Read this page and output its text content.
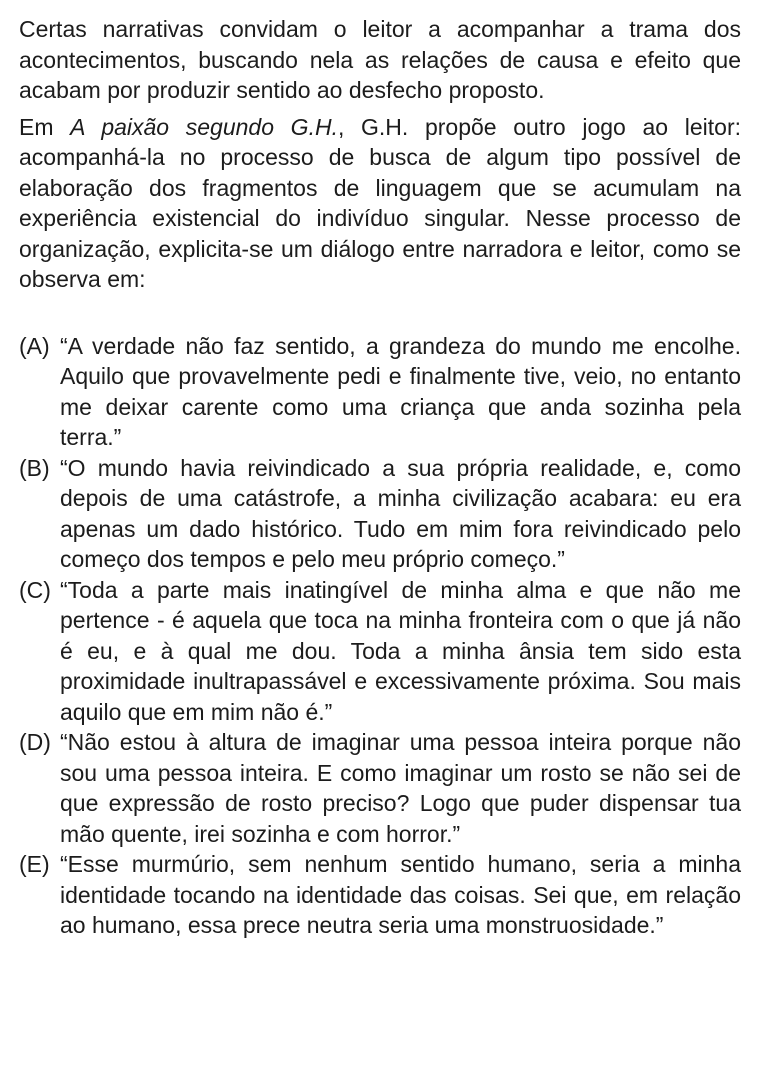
Certas narrativas convidam o leitor a acompanhar a trama dos acontecimentos, buscando nela as relações de causa e efeito que acabam por produzir sentido ao desfecho proposto.

Em A paixão segundo G.H., G.H. propõe outro jogo ao leitor: acompanhá-la no processo de busca de algum tipo possível de elaboração dos fragmentos de linguagem que se acumulam na experiência existencial do indivíduo singular. Nesse processo de organização, explicita-se um diálogo entre narradora e leitor, como se observa em:

(A) “A verdade não faz sentido, a grandeza do mundo me encolhe. Aquilo que provavelmente pedi e finalmente tive, veio, no entanto me deixar carente como uma criança que anda sozinha pela terra.”
(B) “O mundo havia reivindicado a sua própria realidade, e, como depois de uma catástrofe, a minha civilização acabara: eu era apenas um dado histórico. Tudo em mim fora reivindicado pelo começo dos tempos e pelo meu próprio começo.”
(C) “Toda a parte mais inatingível de minha alma e que não me pertence - é aquela que toca na minha fronteira com o que já não é eu, e à qual me dou. Toda a minha ânsia tem sido esta proximidade inultrapassável e excessivamente próxima. Sou mais aquilo que em mim não é.”
(D) “Não estou à altura de imaginar uma pessoa inteira porque não sou uma pessoa inteira. E como imaginar um rosto se não sei de que expressão de rosto preciso? Logo que puder dispensar tua mão quente, irei sozinha e com horror.”
(E) “Esse murmúrio, sem nenhum sentido humano, seria a minha identidade tocando na identidade das coisas. Sei que, em relação ao humano, essa prece neutra seria uma monstruosidade.”
